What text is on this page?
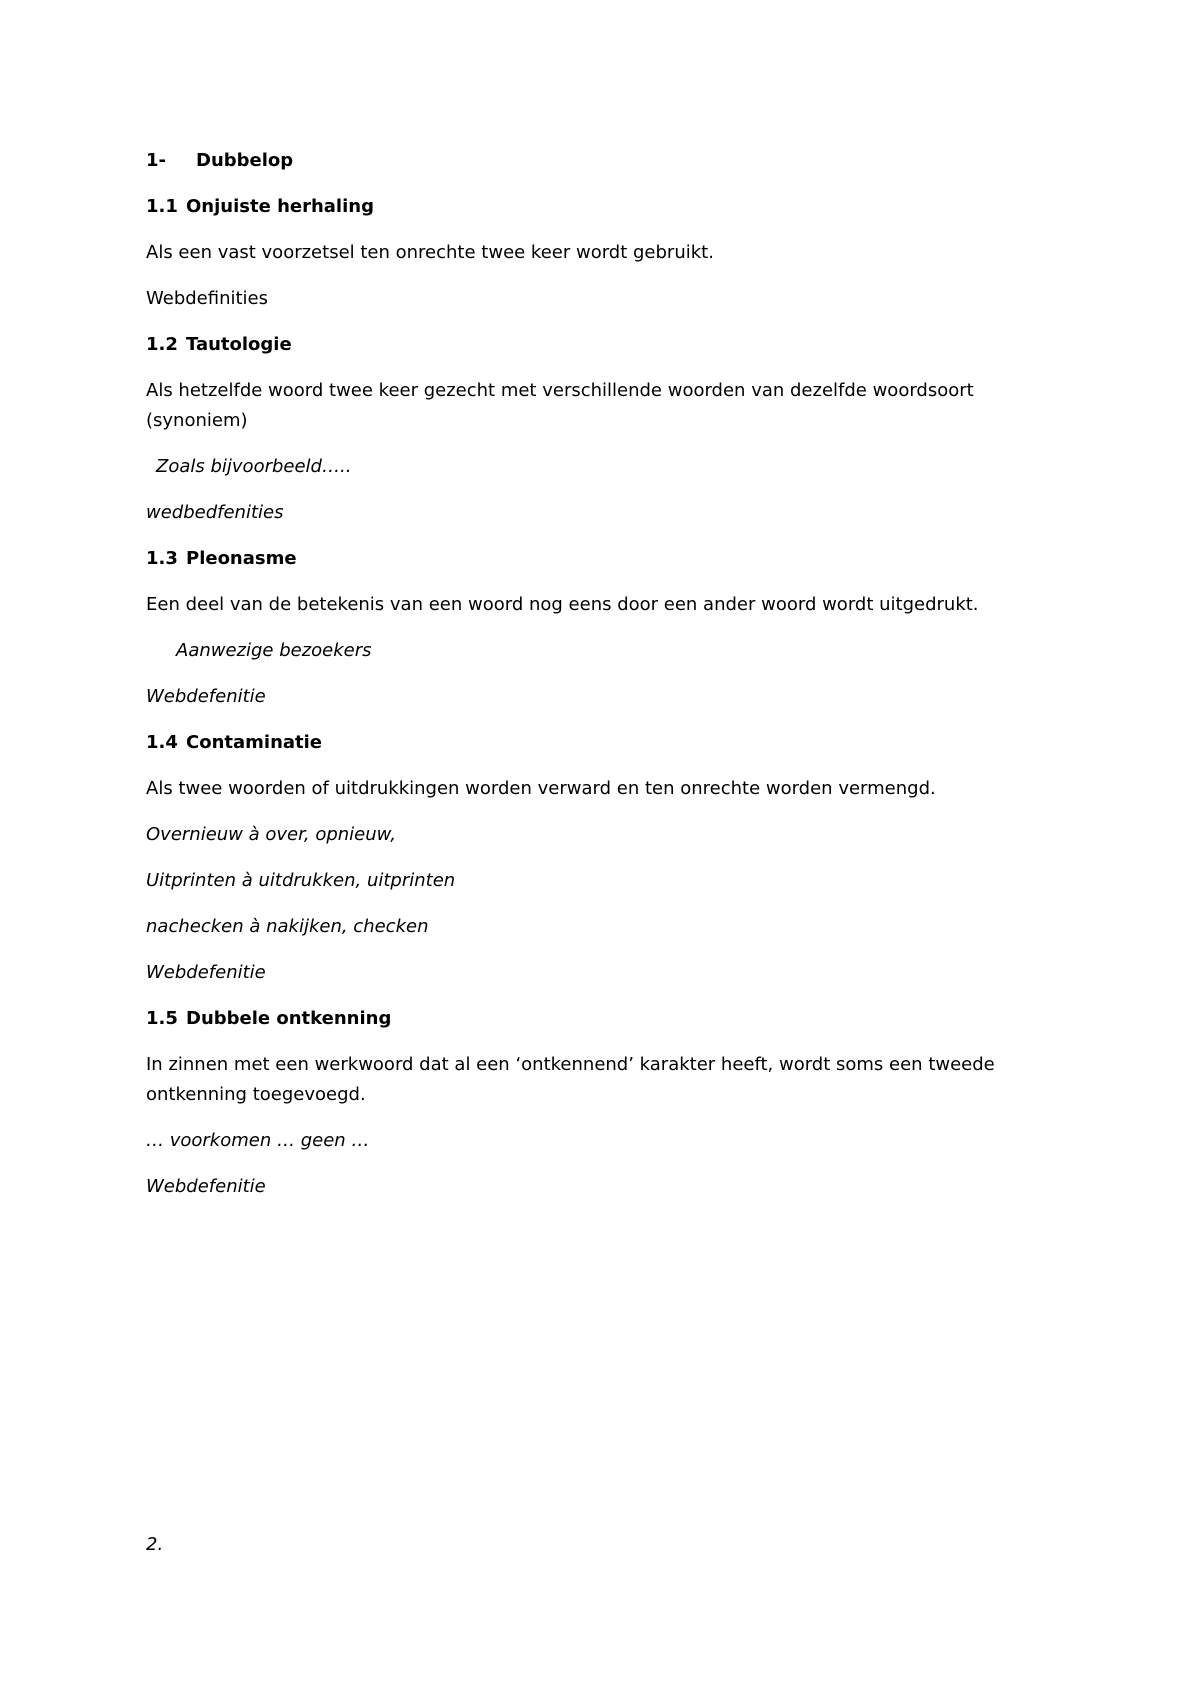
1- Dubbelop

1.1 Onjuiste herhaling

Als een vast voorzetsel ten onrechte twee keer wordt gebruikt.

Webdefinities

1.2 Tautologie

Als hetzelfde woord twee keer gezecht met verschillende woorden van dezelfde woordsoort

(synoniem)

Zoals bijvoorbeeld…..

wedbedfenities

1.3 Pleonasme

Een deel van de betekenis van een woord nog eens door een ander woord wordt uitgedrukt.

Aanwezige bezoekers

Webdefenitie

1.4 Contaminatie

Als twee woorden of uitdrukkingen worden verward en ten onrechte worden vermengd.

Overnieuw à over, opnieuw,

Uitprinten à uitdrukken, uitprinten

nachecken à nakijken, checken

Webdefenitie

1.5 Dubbele ontkenning

In zinnen met een werkwoord dat al een ‘ontkennend’ karakter heeft, wordt soms een tweede

ontkenning toegevoegd.

… voorkomen … geen …

Webdefenitie

2.
